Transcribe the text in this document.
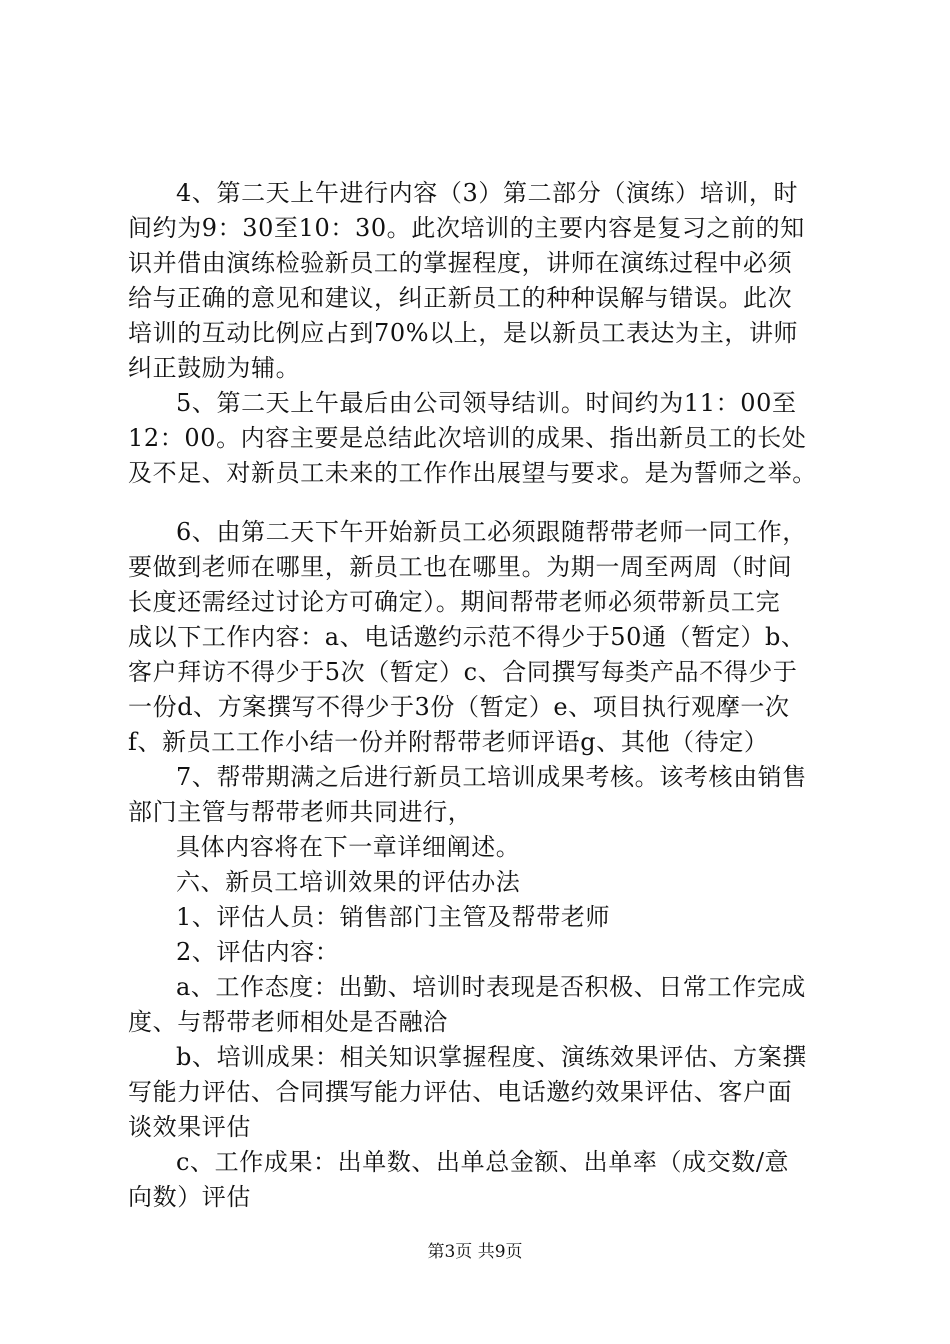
4、第二天上午进行内容（3）第二部分（演练）培训，时
间约为9：30至10：30。此次培训的主要内容是复习之前的知
识并借由演练检验新员工的掌握程度，讲师在演练过程中必须
给与正确的意见和建议，纠正新员工的种种误解与错误。此次
培训的互动比例应占到70%以上，是以新员工表达为主，讲师
纠正鼓励为辅。
5、第二天上午最后由公司领导结训。时间约为11：00至
12：00。内容主要是总结此次培训的成果、指出新员工的长处
及不足、对新员工未来的工作作出展望与要求。是为誓师之举。
6、由第二天下午开始新员工必须跟随帮带老师一同工作，
要做到老师在哪里，新员工也在哪里。为期一周至两周（时间
长度还需经过讨论方可确定）。期间帮带老师必须带新员工完
成以下工作内容：a、电话邀约示范不得少于50通（暂定）b、
客户拜访不得少于5次（暂定）c、合同撰写每类产品不得少于
一份d、方案撰写不得少于3份（暂定）e、项目执行观摩一次
f、新员工工作小结一份并附帮带老师评语g、其他（待定）
7、帮带期满之后进行新员工培训成果考核。该考核由销售
部门主管与帮带老师共同进行，
具体内容将在下一章详细阐述。
六、新员工培训效果的评估办法
1、评估人员：销售部门主管及帮带老师
2、评估内容：
a、工作态度：出勤、培训时表现是否积极、日常工作完成
度、与帮带老师相处是否融洽
b、培训成果：相关知识掌握程度、演练效果评估、方案撰
写能力评估、合同撰写能力评估、电话邀约效果评估、客户面
谈效果评估
c、工作成果：出单数、出单总金额、出单率（成交数/意
向数）评估
第3页 共9页
